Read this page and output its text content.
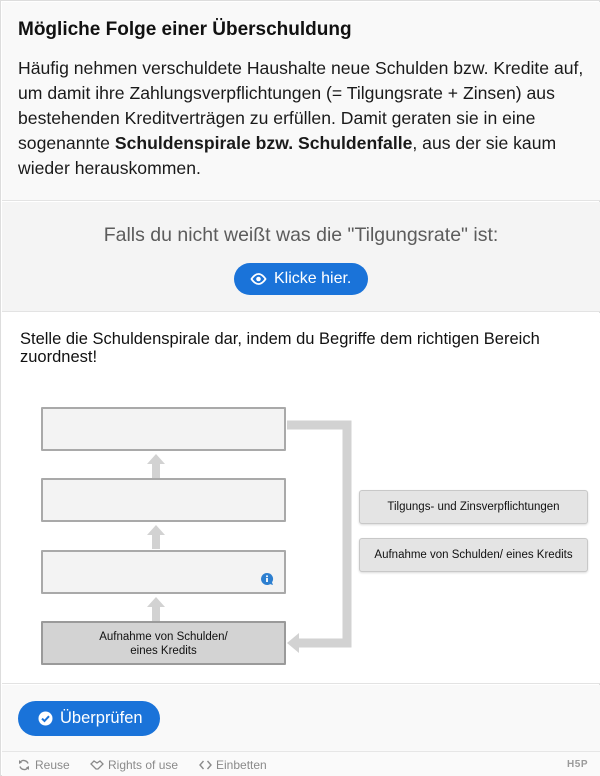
Mögliche Folge einer Überschuldung

Häufig nehmen verschuldete Haushalte neue Schulden bzw. Kredite auf, um damit ihre Zahlungsverpflichtungen (= Tilgungsrate + Zinsen) aus bestehenden Kreditverträgen zu erfüllen. Damit geraten sie in eine sogenannte Schuldenspirale bzw. Schuldenfalle, aus der sie kaum wieder herauskommen.

Falls du nicht weißt was die "Tilgungsrate" ist:
Klicke hier.
Stelle die Schuldenspirale dar, indem du Begriffe dem richtigen Bereich zuordnest!
Aufnahme von Schulden/
eines Kredits
Tilgungs- und Zinsverpflichtungen
Aufnahme von Schulden/ eines Kredits
Überprüfen
Reuse	Rights of use	Einbetten	H5P
